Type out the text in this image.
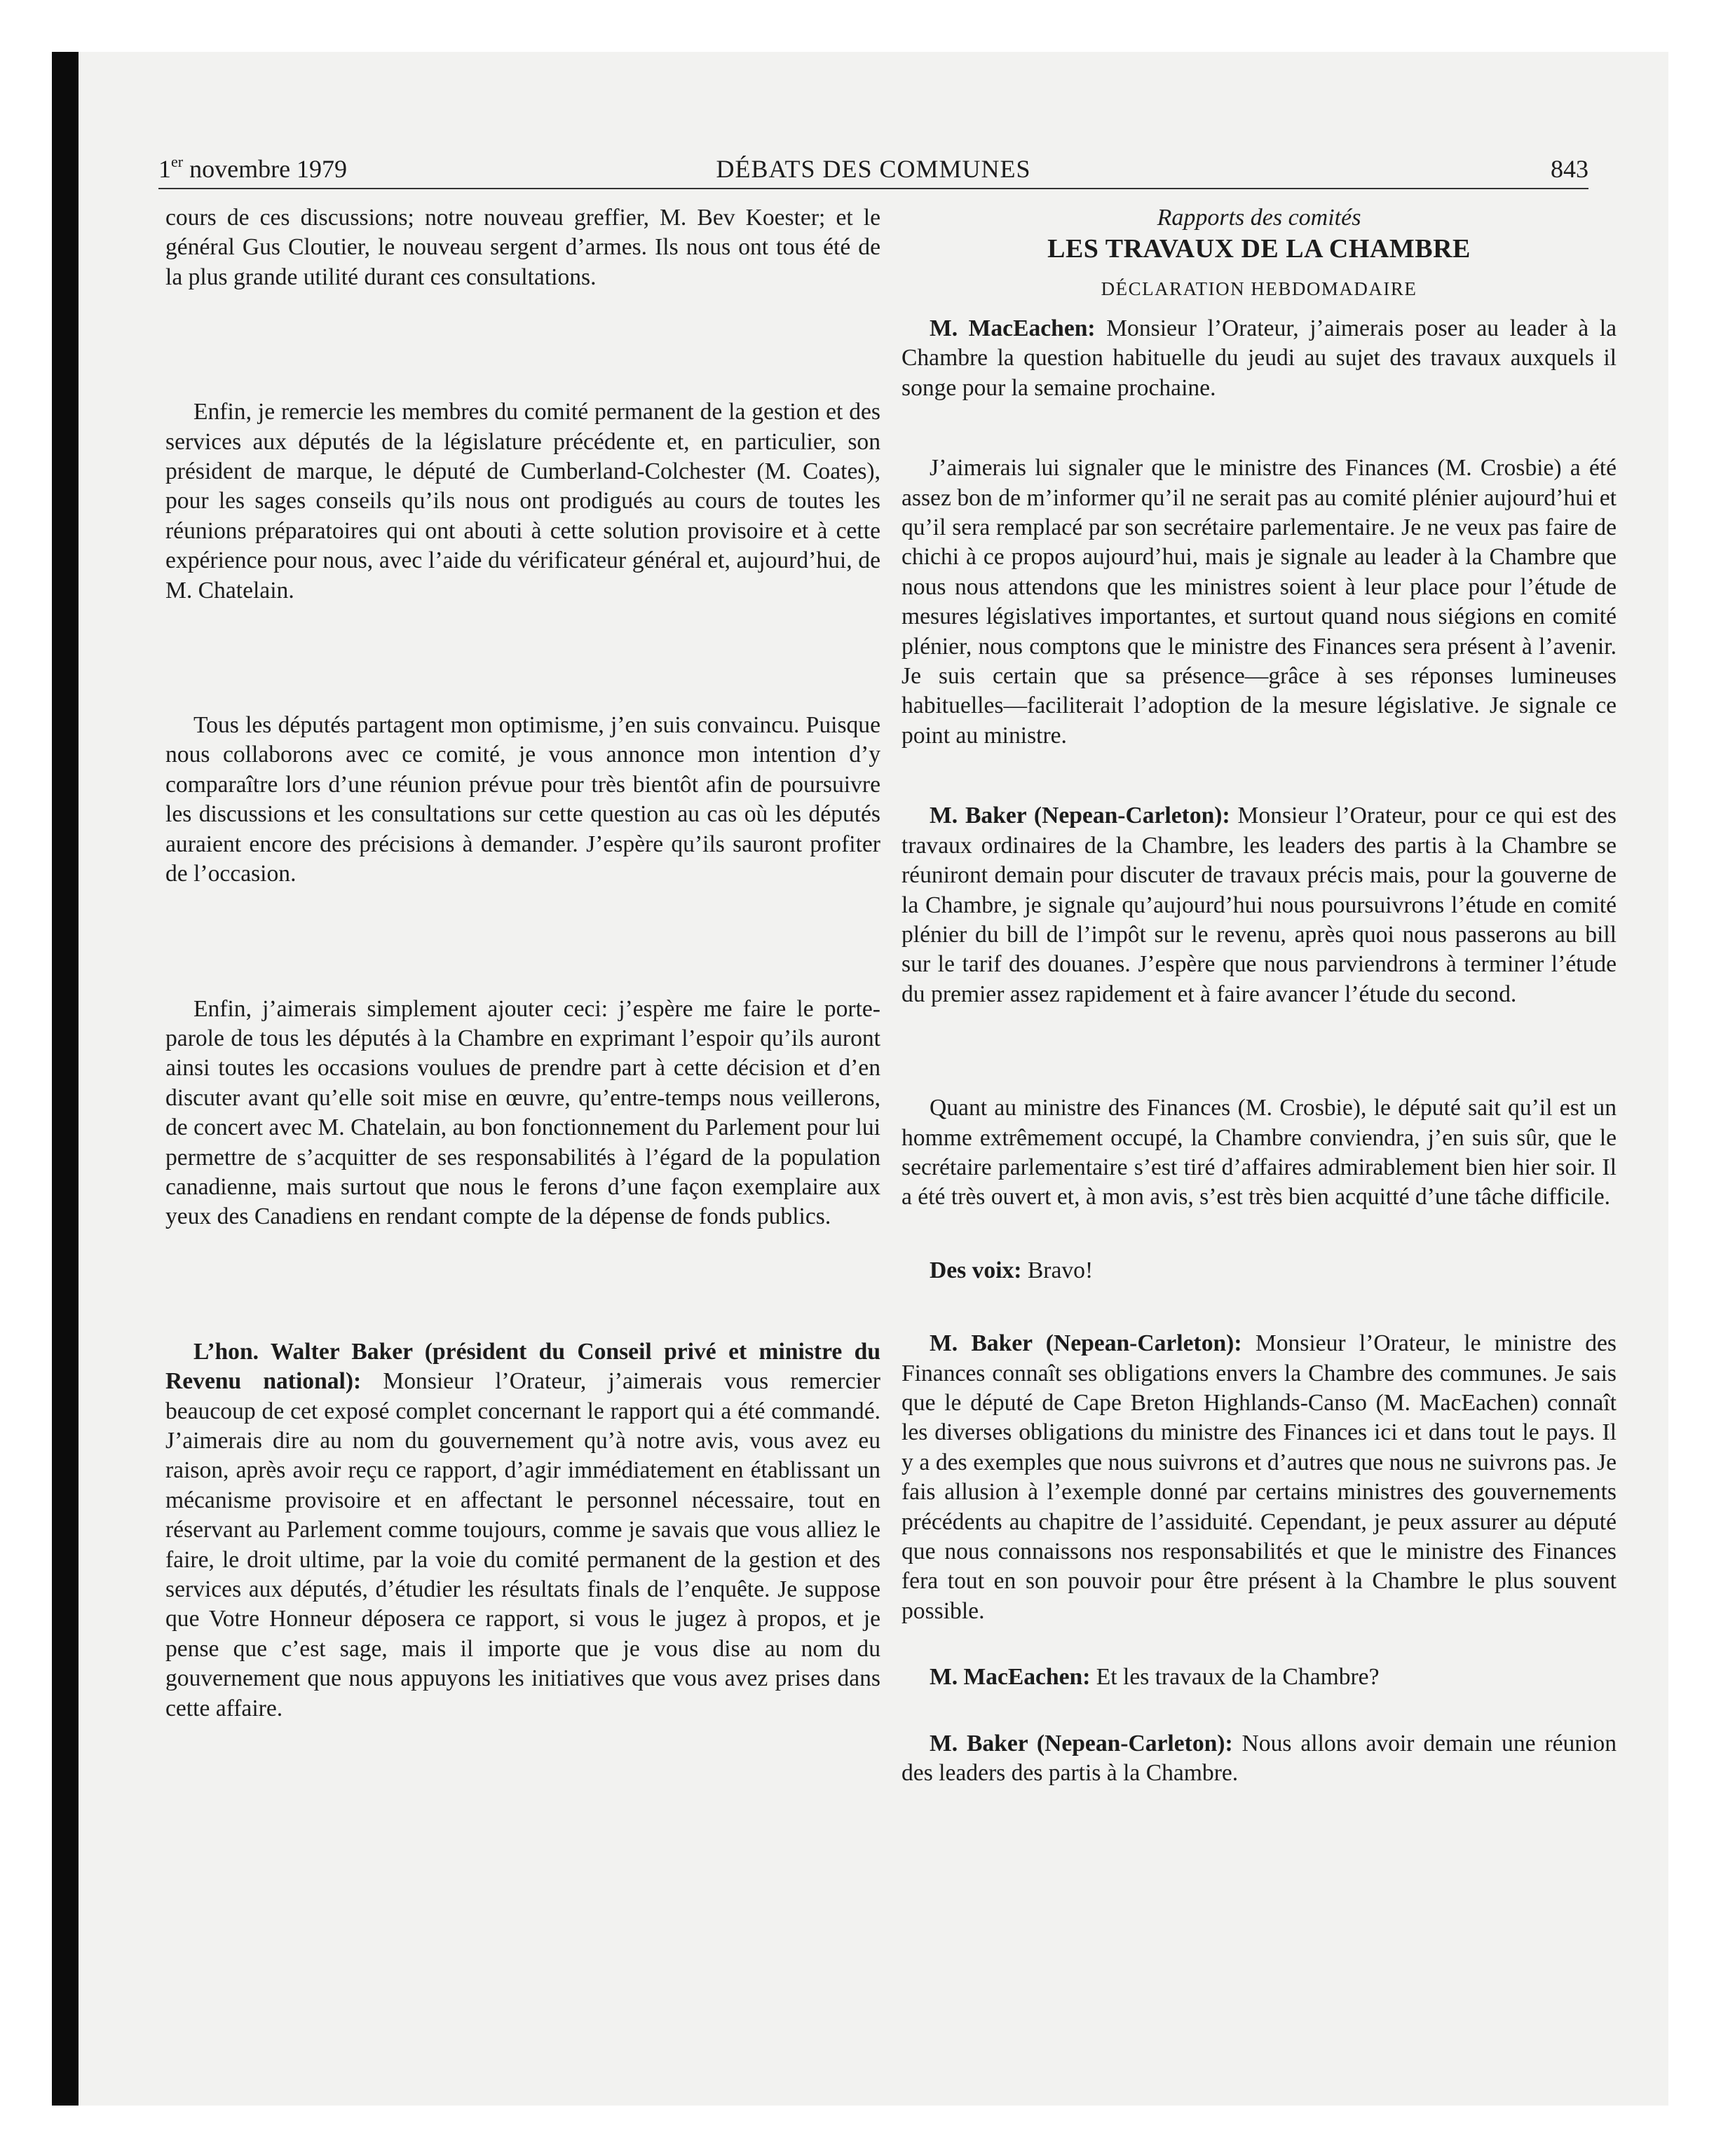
1er novembre 1979	DÉBATS DES COMMUNES	843

cours de ces discussions; notre nouveau greffier, M. Bev Koester; et le général Gus Cloutier, le nouveau sergent d’armes. Ils nous ont tous été de la plus grande utilité durant ces consultations.

Enfin, je remercie les membres du comité permanent de la gestion et des services aux députés de la législature précédente et, en particulier, son président de marque, le député de Cumberland-Colchester (M. Coates), pour les sages conseils qu’ils nous ont prodigués au cours de toutes les réunions préparatoires qui ont abouti à cette solution provisoire et à cette expérience pour nous, avec l’aide du vérificateur général et, aujourd’hui, de M. Chatelain.

Tous les députés partagent mon optimisme, j’en suis convaincu. Puisque nous collaborons avec ce comité, je vous annonce mon intention d’y comparaître lors d’une réunion prévue pour très bientôt afin de poursuivre les discussions et les consultations sur cette question au cas où les députés auraient encore des précisions à demander. J’espère qu’ils sauront profiter de l’occasion.

Enfin, j’aimerais simplement ajouter ceci: j’espère me faire le porte-parole de tous les députés à la Chambre en exprimant l’espoir qu’ils auront ainsi toutes les occasions voulues de prendre part à cette décision et d’en discuter avant qu’elle soit mise en œuvre, qu’entre-temps nous veillerons, de concert avec M. Chatelain, au bon fonctionnement du Parlement pour lui permettre de s’acquitter de ses responsabilités à l’égard de la population canadienne, mais surtout que nous le ferons d’une façon exemplaire aux yeux des Canadiens en rendant compte de la dépense de fonds publics.

L’hon. Walter Baker (président du Conseil privé et ministre du Revenu national): Monsieur l’Orateur, j’aimerais vous remercier beaucoup de cet exposé complet concernant le rapport qui a été commandé. J’aimerais dire au nom du gouvernement qu’à notre avis, vous avez eu raison, après avoir reçu ce rapport, d’agir immédiatement en établissant un mécanisme provisoire et en affectant le personnel nécessaire, tout en réservant au Parlement comme toujours, comme je savais que vous alliez le faire, le droit ultime, par la voie du comité permanent de la gestion et des services aux députés, d’étudier les résultats finals de l’enquête. Je suppose que Votre Honneur déposera ce rapport, si vous le jugez à propos, et je pense que c’est sage, mais il importe que je vous dise au nom du gouvernement que nous appuyons les initiatives que vous avez prises dans cette affaire.

Rapports des comités
LES TRAVAUX DE LA CHAMBRE
DÉCLARATION HEBDOMADAIRE

M. MacEachen: Monsieur l’Orateur, j’aimerais poser au leader à la Chambre la question habituelle du jeudi au sujet des travaux auxquels il songe pour la semaine prochaine.

J’aimerais lui signaler que le ministre des Finances (M. Crosbie) a été assez bon de m’informer qu’il ne serait pas au comité plénier aujourd’hui et qu’il sera remplacé par son secrétaire parlementaire. Je ne veux pas faire de chichi à ce propos aujourd’hui, mais je signale au leader à la Chambre que nous nous attendons que les ministres soient à leur place pour l’étude de mesures législatives importantes, et surtout quand nous siégions en comité plénier, nous comptons que le ministre des Finances sera présent à l’avenir. Je suis certain que sa présence—grâce à ses réponses lumineuses habituelles—faciliterait l’adoption de la mesure législative. Je signale ce point au ministre.

M. Baker (Nepean-Carleton): Monsieur l’Orateur, pour ce qui est des travaux ordinaires de la Chambre, les leaders des partis à la Chambre se réuniront demain pour discuter de travaux précis mais, pour la gouverne de la Chambre, je signale qu’aujourd’hui nous poursuivrons l’étude en comité plénier du bill de l’impôt sur le revenu, après quoi nous passerons au bill sur le tarif des douanes. J’espère que nous parviendrons à terminer l’étude du premier assez rapidement et à faire avancer l’étude du second.

Quant au ministre des Finances (M. Crosbie), le député sait qu’il est un homme extrêmement occupé, la Chambre conviendra, j’en suis sûr, que le secrétaire parlementaire s’est tiré d’affaires admirablement bien hier soir. Il a été très ouvert et, à mon avis, s’est très bien acquitté d’une tâche difficile.

Des voix: Bravo!

M. Baker (Nepean-Carleton): Monsieur l’Orateur, le ministre des Finances connaît ses obligations envers la Chambre des communes. Je sais que le député de Cape Breton Highlands-Canso (M. MacEachen) connaît les diverses obligations du ministre des Finances ici et dans tout le pays. Il y a des exemples que nous suivrons et d’autres que nous ne suivrons pas. Je fais allusion à l’exemple donné par certains ministres des gouvernements précédents au chapitre de l’assiduité. Cependant, je peux assurer au député que nous connaissons nos responsabilités et que le ministre des Finances fera tout en son pouvoir pour être présent à la Chambre le plus souvent possible.

M. MacEachen: Et les travaux de la Chambre?

M. Baker (Nepean-Carleton): Nous allons avoir demain une réunion des leaders des partis à la Chambre.
